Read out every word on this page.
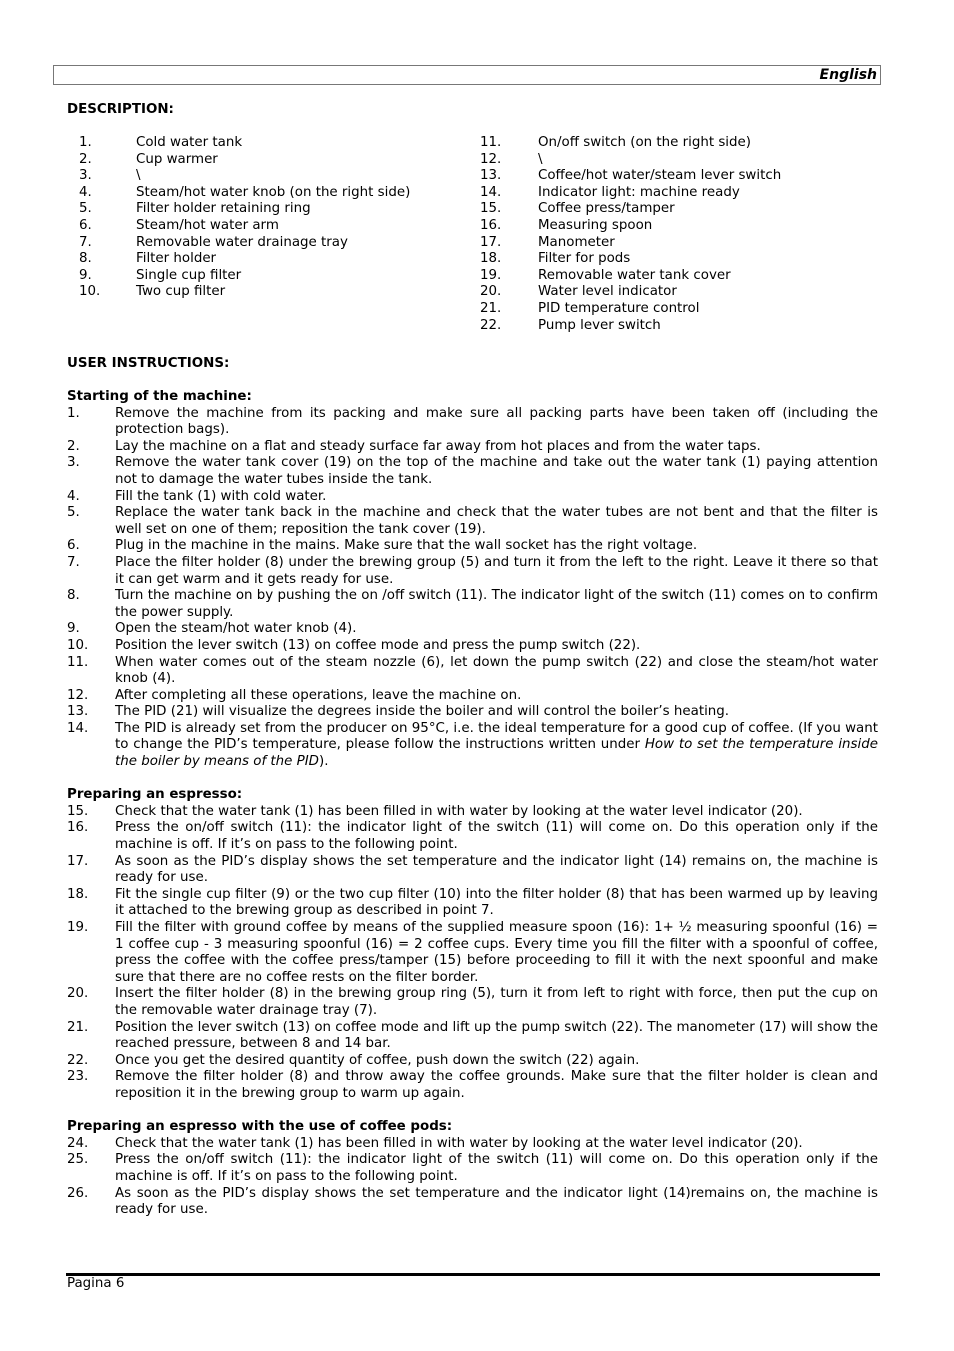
English
DESCRIPTION:
1.	Cold water tank
2.	Cup warmer
3.	\
4.	Steam/hot water knob (on the right side)
5.	Filter holder retaining ring
6.	Steam/hot water arm
7.	Removable water drainage tray
8.	Filter holder
9.	Single cup filter
10.	Two cup filter
11.	On/off switch (on the right side)
12.	\
13.	Coffee/hot water/steam lever switch
14.	Indicator light: machine ready
15.	Coffee press/tamper
16.	Measuring spoon
17.	Manometer
18.	Filter for pods
19.	Removable water tank cover
20.	Water level indicator
21.	PID temperature control
22.	Pump lever switch
USER INSTRUCTIONS:
Starting of the machine:
1.	Remove the machine from its packing and make sure all packing parts have been taken off (including the protection bags).
2.	Lay the machine on a flat and steady surface far away from hot places and from the water taps.
3.	Remove the water tank cover (19) on the top of the machine and take out the water tank (1) paying attention not to damage the water tubes inside the tank.
4.	Fill the tank (1) with cold water.
5.	Replace the water tank back in the machine and check that the water tubes are not bent and that the filter is well set on one of them; reposition the tank cover (19).
6.	Plug in the machine in the mains. Make sure that the wall socket has the right voltage.
7.	Place the filter holder (8) under the brewing group (5) and turn it from the left to the right. Leave it there so that it can get warm and it gets ready for use.
8.	Turn the machine on by pushing the on /off switch (11). The indicator light of the switch (11) comes on to confirm the power supply.
9.	Open the steam/hot water knob (4).
10. Position the lever switch (13) on coffee mode and press the pump switch (22).
11. When water comes out of the steam nozzle (6), let down the pump switch (22) and close the steam/hot water knob (4).
12. After completing all these operations, leave the machine on.
13. The PID (21) will visualize the degrees inside the boiler and will control the boiler’s heating.
14. The PID is already set from the producer on 95°C, i.e. the ideal temperature for a good cup of coffee. (If you want to change the PID’s temperature, please follow the instructions written under How to set the temperature inside the boiler by means of the PID).
Preparing an espresso:
15. Check that the water tank (1) has been filled in with water by looking at the water level indicator (20).
16. Press the on/off switch (11): the indicator light of the switch (11) will come on. Do this operation only if the machine is off. If it’s on pass to the following point.
17. As soon as the PID’s display shows the set temperature and the indicator light (14) remains on, the machine is ready for use.
18. Fit the single cup filter (9) or the two cup filter (10) into the filter holder (8) that has been warmed up by leaving it attached to the brewing group as described in point 7.
19. Fill the filter with ground coffee by means of the supplied measure spoon (16): 1+ ½ measuring spoonful (16) = 1 coffee cup - 3 measuring spoonful (16) = 2 coffee cups. Every time you fill the filter with a spoonful of coffee, press the coffee with the coffee press/tamper (15) before proceeding to fill it with the next spoonful and make sure that there are no coffee rests on the filter border.
20. Insert the filter holder (8) in the brewing group ring (5), turn it from left to right with force, then put the cup on the removable water drainage tray (7).
21. Position the lever switch (13) on coffee mode and lift up the pump switch (22). The manometer (17) will show the reached pressure, between 8 and 14 bar.
22. Once you get the desired quantity of coffee, push down the switch (22) again.
23. Remove the filter holder (8) and throw away the coffee grounds. Make sure that the filter holder is clean and reposition it in the brewing group to warm up again.
Preparing an espresso with the use of coffee pods:
24. Check that the water tank (1) has been filled in with water by looking at the water level indicator (20).
25. Press the on/off switch (11): the indicator light of the switch (11) will come on. Do this operation only if the machine is off. If it’s on pass to the following point.
26. As soon as the PID’s display shows the set temperature and the indicator light (14)remains on, the machine is ready for use.
Pagina 6
